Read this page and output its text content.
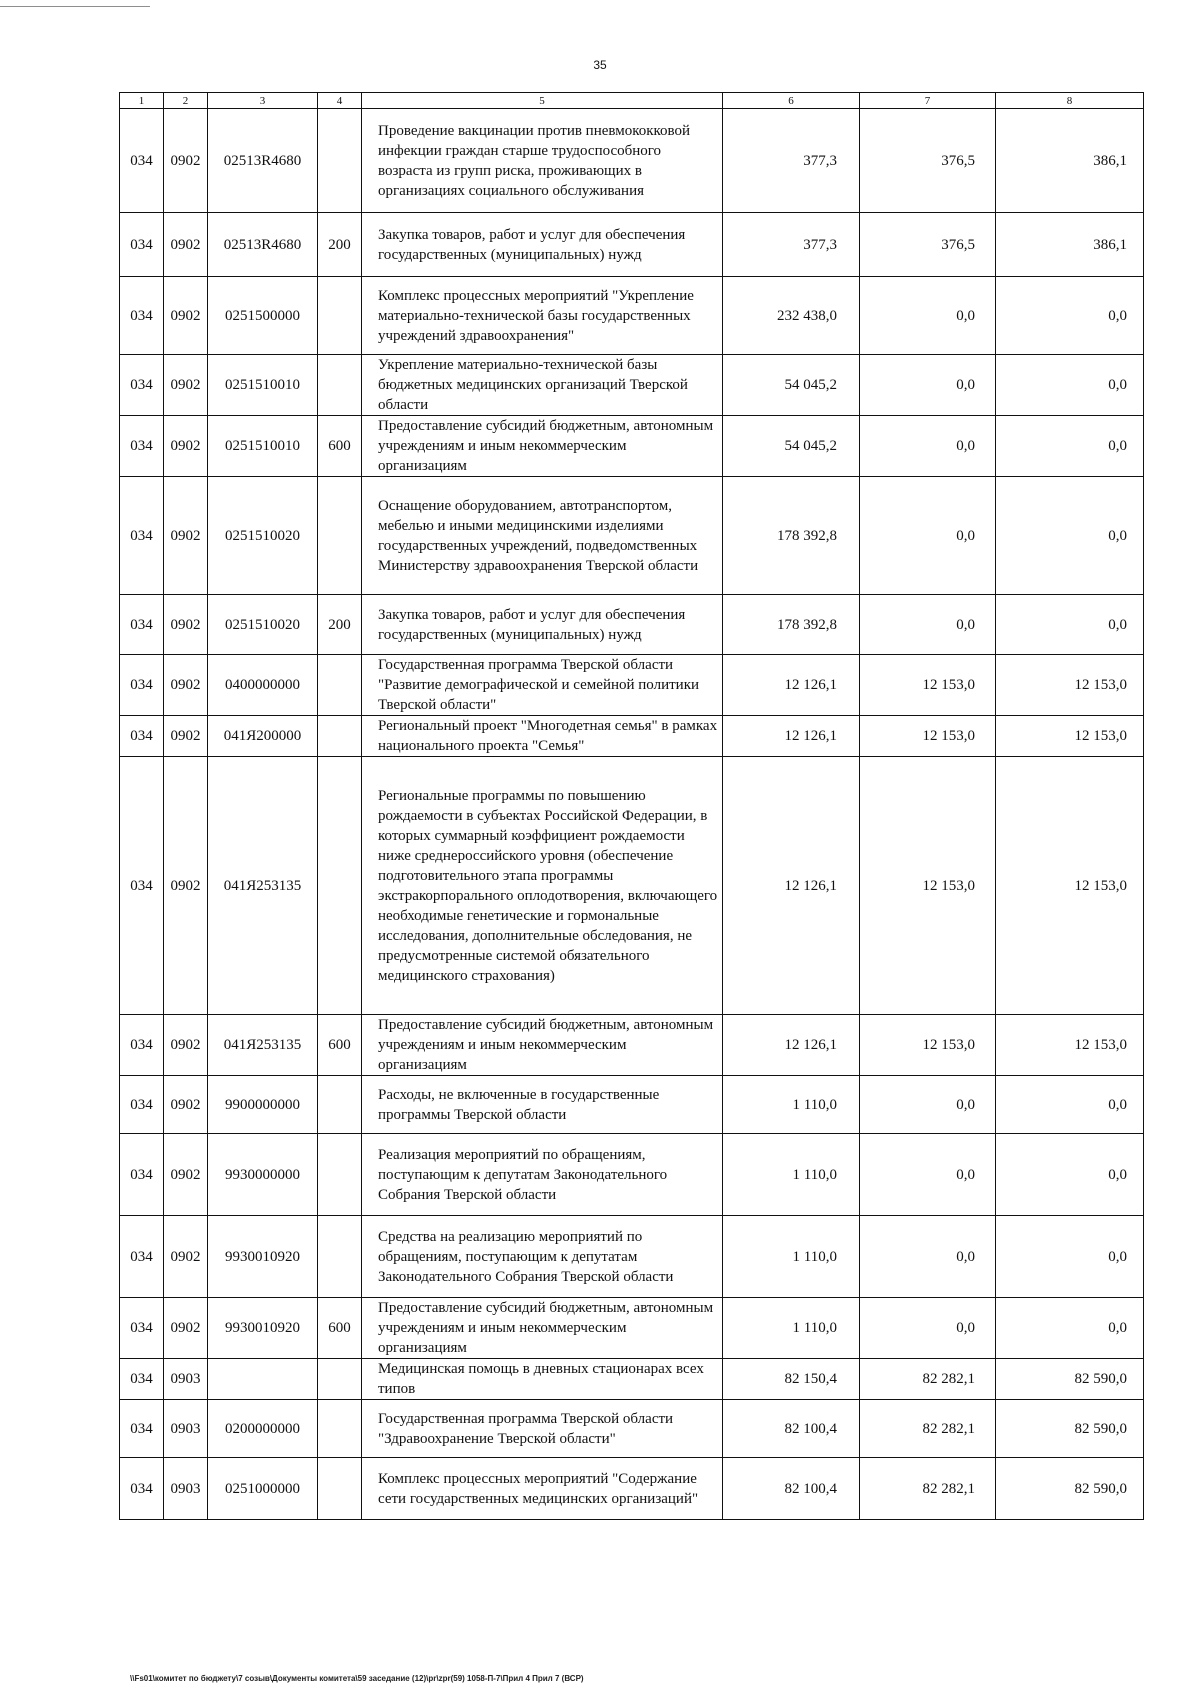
35
1	2	3	4	5	6	7	8
034	0902	02513R4680		Проведение вакцинации против пневмококковой инфекции граждан старше трудоспособного возраста из групп риска, проживающих в организациях социального обслуживания	377,3	376,5	386,1
034	0902	02513R4680	200	Закупка товаров, работ и услуг для обеспечения государственных (муниципальных) нужд	377,3	376,5	386,1
034	0902	0251500000		Комплекс процессных мероприятий "Укрепление материально-технической базы государственных учреждений здравоохранения"	232 438,0	0,0	0,0
034	0902	0251510010		Укрепление материально-технической базы бюджетных медицинских организаций Тверской области	54 045,2	0,0	0,0
034	0902	0251510010	600	Предоставление субсидий бюджетным, автономным учреждениям и иным некоммерческим организациям	54 045,2	0,0	0,0
034	0902	0251510020		Оснащение оборудованием, автотранспортом, мебелью и иными медицинскими изделиями государственных учреждений, подведомственных Министерству здравоохранения Тверской области	178 392,8	0,0	0,0
034	0902	0251510020	200	Закупка товаров, работ и услуг для обеспечения государственных (муниципальных) нужд	178 392,8	0,0	0,0
034	0902	0400000000		Государственная программа Тверской области "Развитие демографической и семейной политики Тверской области"	12 126,1	12 153,0	12 153,0
034	0902	041Я200000		Региональный проект "Многодетная семья" в рамках национального проекта "Семья"	12 126,1	12 153,0	12 153,0
034	0902	041Я253135		Региональные программы по повышению рождаемости в субъектах Российской Федерации, в которых суммарный коэффициент рождаемости ниже среднероссийского уровня (обеспечение подготовительного этапа программы экстракорпорального оплодотворения, включающего необходимые генетические и гормональные исследования, дополнительные обследования, не предусмотренные системой обязательного медицинского страхования)	12 126,1	12 153,0	12 153,0
034	0902	041Я253135	600	Предоставление субсидий бюджетным, автономным учреждениям и иным некоммерческим организациям	12 126,1	12 153,0	12 153,0
034	0902	9900000000		Расходы, не включенные в государственные программы Тверской области	1 110,0	0,0	0,0
034	0902	9930000000		Реализация мероприятий по обращениям, поступающим к депутатам Законодательного Собрания Тверской области	1 110,0	0,0	0,0
034	0902	9930010920		Средства на реализацию мероприятий по обращениям, поступающим к депутатам Законодательного Собрания Тверской области	1 110,0	0,0	0,0
034	0902	9930010920	600	Предоставление субсидий бюджетным, автономным учреждениям и иным некоммерческим организациям	1 110,0	0,0	0,0
034	0903			Медицинская помощь в дневных стационарах всех типов	82 150,4	82 282,1	82 590,0
034	0903	0200000000		Государственная программа Тверской области "Здравоохранение Тверской области"	82 100,4	82 282,1	82 590,0
034	0903	0251000000		Комплекс процессных мероприятий "Содержание сети государственных медицинских организаций"	82 100,4	82 282,1	82 590,0
\\Fs01\комитет по бюджету\7 созыв\Документы комитета\59 заседание (12)\pr\zpr(59) 1058-П-7\Прил 4 Прил 7 (ВСР)
